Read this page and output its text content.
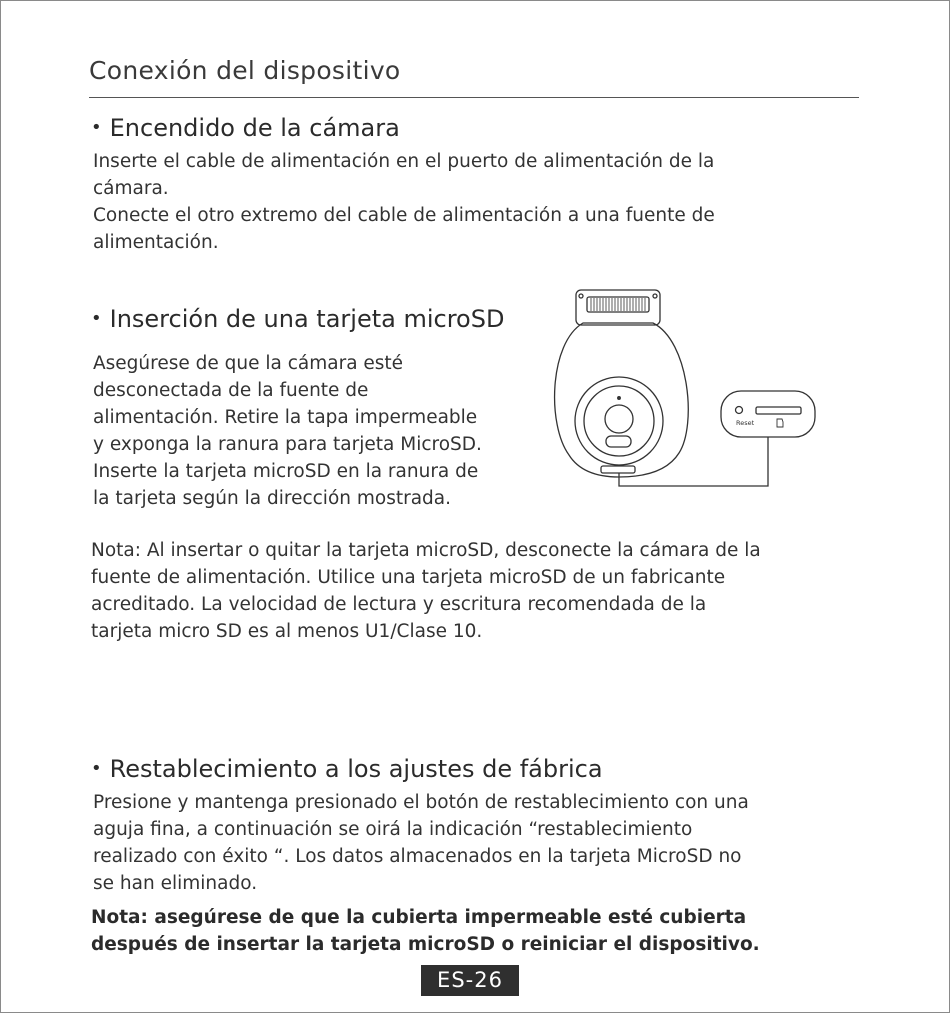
Conexión del dispositivo
• Encendido de la cámara
Inserte el cable de alimentación en el puerto de alimentación de la
cámara.
Conecte el otro extremo del cable de alimentación a una fuente de
alimentación.
• Inserción de una tarjeta microSD
Asegúrese de que la cámara esté
desconectada de la fuente de
alimentación. Retire la tapa impermeable
y exponga la ranura para tarjeta MicroSD.
Inserte la tarjeta microSD en la ranura de
la tarjeta según la dirección mostrada.
Reset
Nota: Al insertar o quitar la tarjeta microSD, desconecte la cámara de la
fuente de alimentación. Utilice una tarjeta microSD de un fabricante
acreditado. La velocidad de lectura y escritura recomendada de la
tarjeta micro SD es al menos U1/Clase 10.
• Restablecimiento a los ajustes de fábrica
Presione y mantenga presionado el botón de restablecimiento con una
aguja fina, a continuación se oirá la indicación “restablecimiento
realizado con éxito “. Los datos almacenados en la tarjeta MicroSD no
se han eliminado.
Nota: asegúrese de que la cubierta impermeable esté cubierta
después de insertar la tarjeta microSD o reiniciar el dispositivo.
ES-26
